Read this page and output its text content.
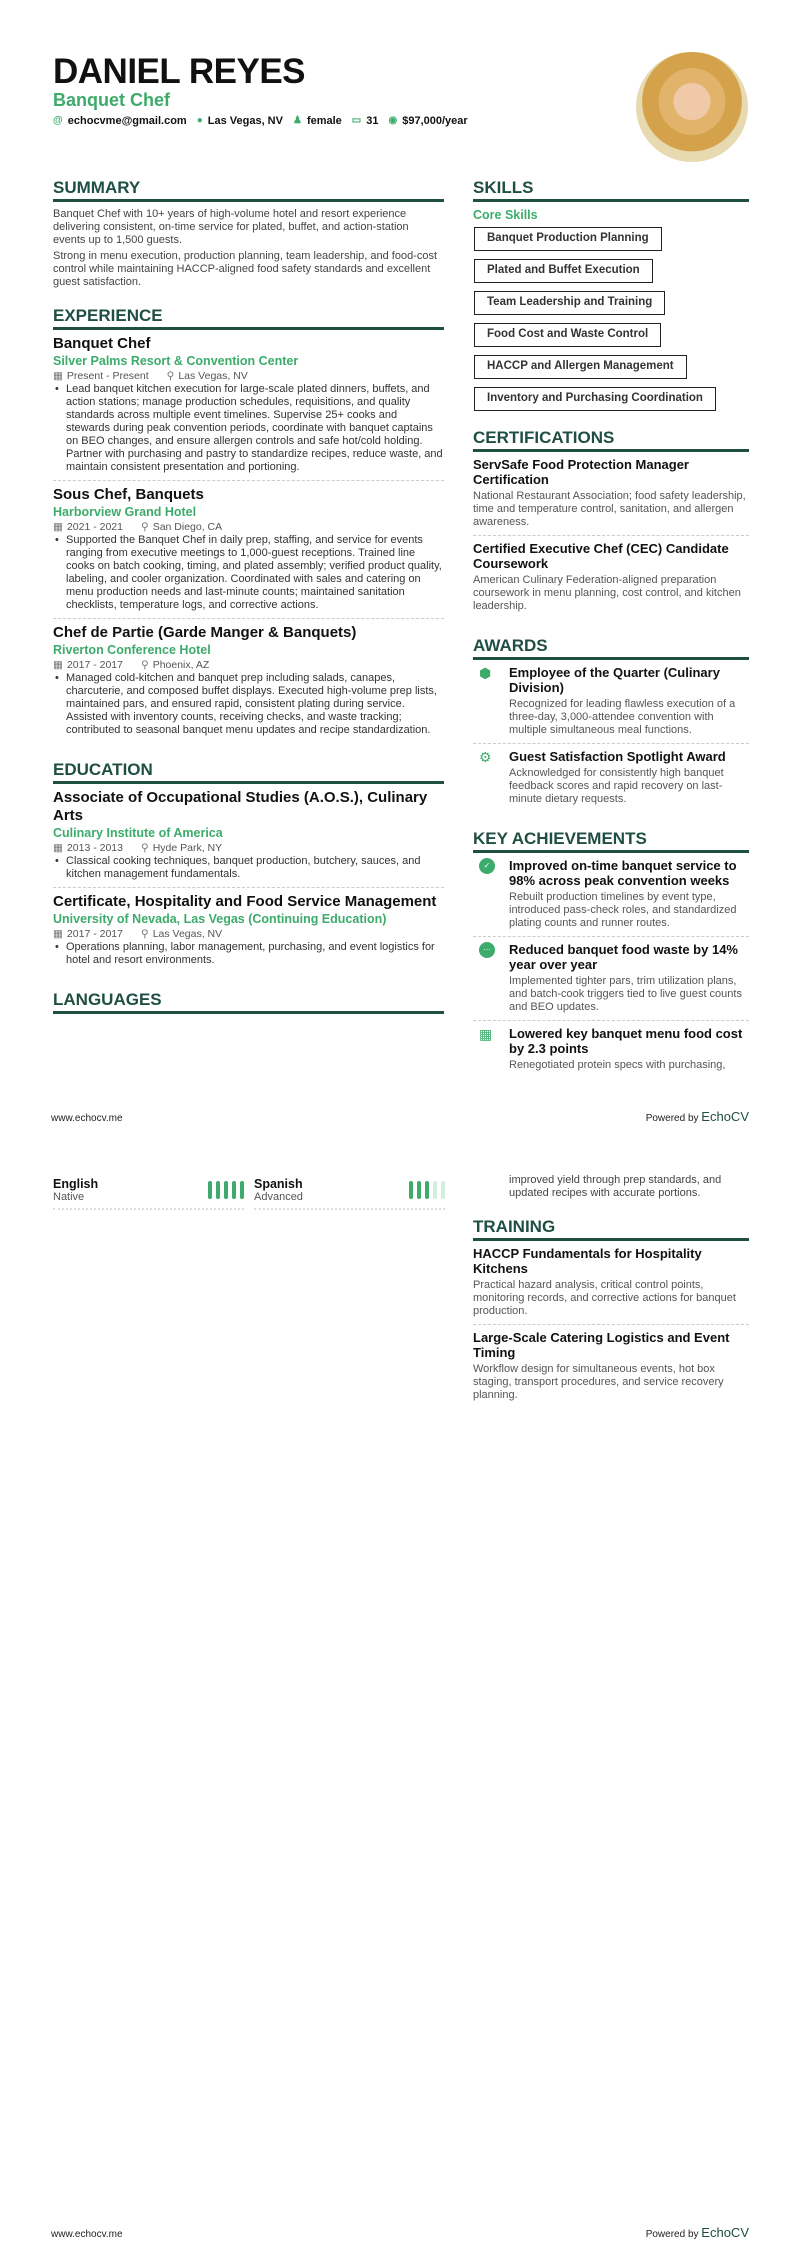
DANIEL REYES
Banquet Chef
@ echocvme@gmail.com ● Las Vegas, NV ♟ female ▭ 31 ◉ $97,000/year
SUMMARY

Banquet Chef with 10+ years of high-volume hotel and resort experience delivering consistent, on-time service for plated, buffet, and action-station events up to 1,500 guests.

Strong in menu execution, production planning, team leadership, and food-cost control while maintaining HACCP-aligned food safety standards and excellent guest satisfaction.

EXPERIENCE
Banquet Chef
Silver Palms Resort & Convention Center
▦ Present - Present ⚲ Las Vegas, NV
• Lead banquet kitchen execution for large-scale plated dinners, buffets, and action stations; manage production schedules, requisitions, and quality standards across multiple event timelines. Supervise 25+ cooks and stewards during peak convention periods, coordinate with banquet captains on BEO changes, and ensure allergen controls and safe hot/cold holding. Partner with purchasing and pastry to standardize recipes, reduce waste, and maintain consistent presentation and portioning.
Sous Chef, Banquets
Harborview Grand Hotel
▦ 2021 - 2021 ⚲ San Diego, CA
• Supported the Banquet Chef in daily prep, staffing, and service for events ranging from executive meetings to 1,000-guest receptions. Trained line cooks on batch cooking, timing, and plated assembly; verified product quality, labeling, and cooler organization. Coordinated with sales and catering on menu production needs and last-minute counts; maintained sanitation checklists, temperature logs, and corrective actions.
Chef de Partie (Garde Manger & Banquets)
Riverton Conference Hotel
▦ 2017 - 2017 ⚲ Phoenix, AZ
• Managed cold-kitchen and banquet prep including salads, canapes, charcuterie, and composed buffet displays. Executed high-volume prep lists, maintained pars, and ensured rapid, consistent plating during service. Assisted with inventory counts, receiving checks, and waste tracking; contributed to seasonal banquet menu updates and recipe standardization.
EDUCATION
Associate of Occupational Studies (A.O.S.), Culinary Arts
Culinary Institute of America
▦ 2013 - 2013 ⚲ Hyde Park, NY
• Classical cooking techniques, banquet production, butchery, sauces, and kitchen management fundamentals.
Certificate, Hospitality and Food Service Management
University of Nevada, Las Vegas (Continuing Education)
▦ 2017 - 2017 ⚲ Las Vegas, NV
• Operations planning, labor management, purchasing, and event logistics for hotel and resort environments.
LANGUAGES
SKILLS
Core Skills
Banquet Production Planning
Plated and Buffet Execution
Team Leadership and Training
Food Cost and Waste Control
HACCP and Allergen Management
Inventory and Purchasing Coordination
CERTIFICATIONS
ServSafe Food Protection Manager Certification
National Restaurant Association; food safety leadership, time and temperature control, sanitation, and allergen awareness.
Certified Executive Chef (CEC) Candidate Coursework
American Culinary Federation-aligned preparation coursework in menu planning, cost control, and kitchen leadership.
AWARDS
⬢	Employee of the Quarter (Culinary Division)
Recognized for leading flawless execution of a three-day, 3,000-attendee convention with multiple simultaneous meal functions.
⚙	Guest Satisfaction Spotlight Award
Acknowledged for consistently high banquet feedback scores and rapid recovery on last-minute dietary requests.
KEY ACHIEVEMENTS
✓	Improved on-time banquet service to 98% across peak convention weeks
Rebuilt production timelines by event type, introduced pass-check roles, and standardized plating counts and runner routes.
···	Reduced banquet food waste by 14% year over year
Implemented tighter pars, trim utilization plans, and batch-cook triggers tied to live guest counts and BEO updates.
▦	Lowered key banquet menu food cost by 2.3 points
Renegotiated protein specs with purchasing,
www.echocv.me	Powered by EchoCV
English
Native
Spanish
Advanced
improved yield through prep standards, and updated recipes with accurate portions.
TRAINING
HACCP Fundamentals for Hospitality Kitchens
Practical hazard analysis, critical control points, monitoring records, and corrective actions for banquet production.
Large-Scale Catering Logistics and Event Timing
Workflow design for simultaneous events, hot box staging, transport procedures, and service recovery planning.
www.echocv.me	Powered by EchoCV
